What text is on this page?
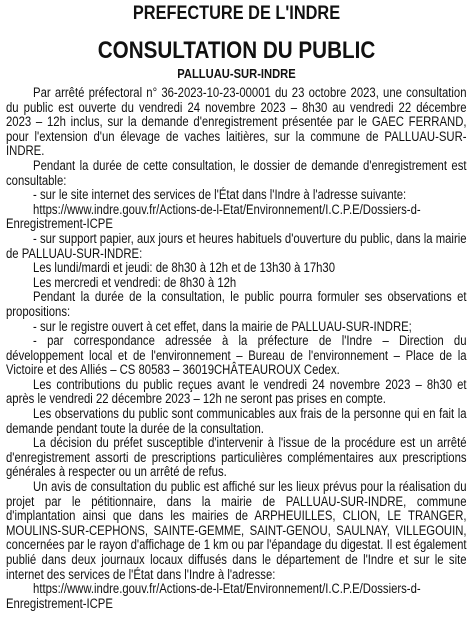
PREFECTURE DE L'INDRE
CONSULTATION DU PUBLIC
PALLUAU-SUR-INDRE

Par arrêté préfectoral n° 36-2023-10-23-00001 du 23 octobre 2023, une consultation du public est ouverte du vendredi 24 novembre 2023 – 8h30 au vendredi 22 décembre 2023 – 12h inclus, sur la demande d'enregistrement présentée par le GAEC FERRAND, pour l'extension d'un élevage de vaches laitières, sur la commune de PALLUAU-SUR-INDRE.

Pendant la durée de cette consultation, le dossier de demande d'enregistrement est consultable:

- sur le site internet des services de l'État dans l'Indre à l'adresse suivante:

https://www.indre.gouv.fr/Actions-de-l-Etat/Environnement/I.C.P.E/Dossiers-d-Enregistrement-ICPE

- sur support papier, aux jours et heures habituels d'ouverture du public, dans la mairie de PALLUAU-SUR-INDRE:

Les lundi/mardi et jeudi: de 8h30 à 12h et de 13h30 à 17h30

Les mercredi et vendredi: de 8h30 à 12h

Pendant la durée de la consultation, le public pourra formuler ses observations et propositions:

- sur le registre ouvert à cet effet, dans la mairie de PALLUAU-SUR-INDRE;

- par correspondance adressée à la préfecture de l'Indre – Direction du développement local et de l'environnement – Bureau de l'environnement – Place de la Victoire et des Alliés – CS 80583 – 36019CHÂTEAUROUX Cedex.

Les contributions du public reçues avant le vendredi 24 novembre 2023 – 8h30 et après le vendredi 22 décembre 2023 – 12h ne seront pas prises en compte.

Les observations du public sont communicables aux frais de la personne qui en fait la demande pendant toute la durée de la consultation.

La décision du préfet susceptible d'intervenir à l'issue de la procédure est un arrêté d'enregistrement assorti de prescriptions particulières complémentaires aux prescriptions générales à respecter ou un arrêté de refus.

Un avis de consultation du public est affiché sur les lieux prévus pour la réalisation du projet par le pétitionnaire, dans la mairie de PALLUAU-SUR-INDRE, commune d'implantation ainsi que dans les mairies de ARPHEUILLES, CLION, LE TRANGER, MOULINS-SUR-CEPHONS, SAINTE-GEMME, SAINT-GENOU, SAULNAY, VILLEGOUIN, concernées par le rayon d'affichage de 1 km ou par l'épandage du digestat. Il est également publié dans deux journaux locaux diffusés dans le département de l'Indre et sur le site internet des services de l'État dans l'Indre à l'adresse:

https://www.indre.gouv.fr/Actions-de-l-Etat/Environnement/I.C.P.E/Dossiers-d-Enregistrement-ICPE
